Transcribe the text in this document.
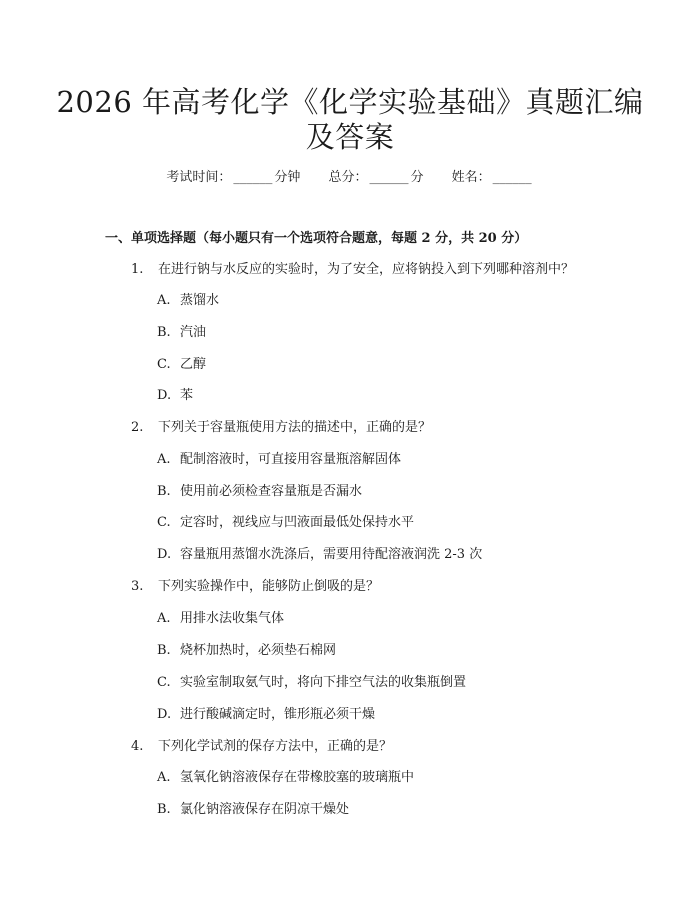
2026 年高考化学《化学实验基础》真题汇编
及答案
考试时间： ______ 分钟 总分： ______ 分 姓名： ______
一、单项选择题（每小题只有一个选项符合题意，每题 2 分，共 20 分）
1. 在进行钠与水反应的实验时，为了安全，应将钠投入到下列哪种溶剂中？
A. 蒸馏水
B. 汽油
C. 乙醇
D. 苯
2. 下列关于容量瓶使用方法的描述中，正确的是？
A. 配制溶液时，可直接用容量瓶溶解固体
B. 使用前必须检查容量瓶是否漏水
C. 定容时，视线应与凹液面最低处保持水平
D. 容量瓶用蒸馏水洗涤后，需要用待配溶液润洗 2-3 次
3. 下列实验操作中，能够防止倒吸的是？
A. 用排水法收集气体
B. 烧杯加热时，必须垫石棉网
C. 实验室制取氨气时，将向下排空气法的收集瓶倒置
D. 进行酸碱滴定时，锥形瓶必须干燥
4. 下列化学试剂的保存方法中，正确的是？
A. 氢氧化钠溶液保存在带橡胶塞的玻璃瓶中
B. 氯化钠溶液保存在阴凉干燥处
